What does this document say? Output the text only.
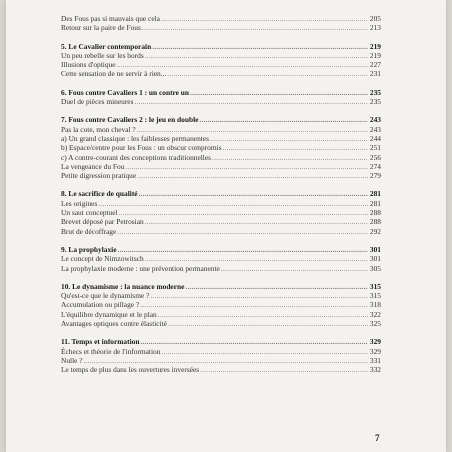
Des Fous pas si mauvais que cela .....	205
Retour sur la paire de Fous .....	213
5. Le Cavalier contemporain .....	219
Un peu rebelle sur les bords .....	219
Illusions d'optique .....	227
Cette sensation de ne servir à rien... .....	231
6. Fous contre Cavaliers 1 : un contre un .....	235
Duel de pièces mineures .....	235
7. Fous contre Cavaliers 2 : le jeu en double .....	243
Pas la cote, mon cheval ? .....	243
a) Un grand classique : les faiblesses permanentes .....	244
b) Espace/centre pour les Fous : un obscur compromis .....	251
c) A contre-courant des conceptions traditionnelles .....	256
La vengeance du Fou .....	274
Petite digression pratique .....	279
8. Le sacrifice de qualité .....	281
Les origines .....	281
Un saut conceptuel .....	288
Brevet déposé par Petrosian .....	288
Brut de décoffrage .....	292
9. La prophylaxie .....	301
Le concept de Nimzowitsch .....	301
La prophylaxie moderne : une prévention permanente .....	305
10. Le dynamisme : la nuance moderne .....	315
Qu'est-ce que le dynamisme ? .....	315
Accumulation ou pillage ? .....	318
L'équilibre dynamique et le plan .....	322
Avantages optiques contre élasticité .....	325
11. Temps et information .....	329
Échecs et théorie de l'information .....	329
Nulle ? .....	331
Le temps de plus dans les ouvertures inversées .....	332
7
